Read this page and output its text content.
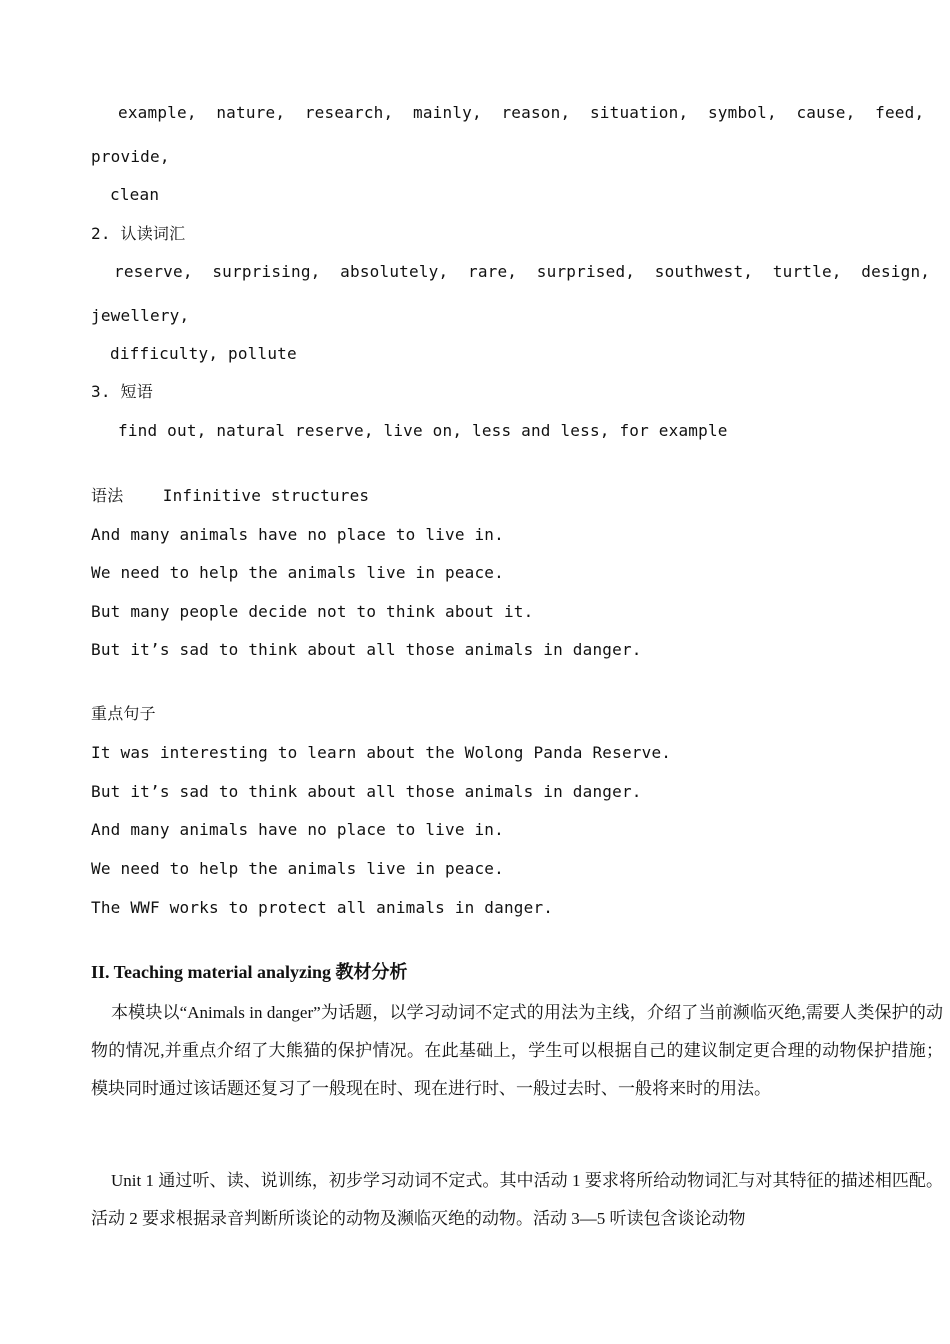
example,  nature,  research,  mainly,  reason,  situation,  symbol,  cause,  feed,
provide,
clean
2. 认读词汇
reserve,  surprising,  absolutely,  rare,  surprised,  southwest,  turtle,  design,
jewellery,
difficulty, pollute
3. 短语
find out, natural reserve, live on, less and less, for example
语法 Infinitive structures
And many animals have no place to live in.
We need to help the animals live in peace.
But many people decide not to think about it.
But it’s sad to think about all those animals in danger.
重点句子
It was interesting to learn about the Wolong Panda Reserve.
But it’s sad to think about all those animals in danger.
And many animals have no place to live in.
We need to help the animals live in peace.
The WWF works to protect all animals in danger.
II. Teaching material analyzing 教材分析
本模块以“Animals in danger”为话题，以学习动词不定式的用法为主线，介绍了当前濒临灭绝,需要人类保护的动物的情况,并重点介绍了大熊猫的保护情况。在此基础上，学生可以根据自己的建议制定更合理的动物保护措施；模块同时通过该话题还复习了一般现在时、现在进行时、一般过去时、一般将来时的用法。
Unit 1 通过听、读、说训练，初步学习动词不定式。其中活动 1 要求将所给动物词汇与对其特征的描述相匹配。活动 2 要求根据录音判断所谈论的动物及濒临灭绝的动物。活动 3—5 听读包含谈论动物
